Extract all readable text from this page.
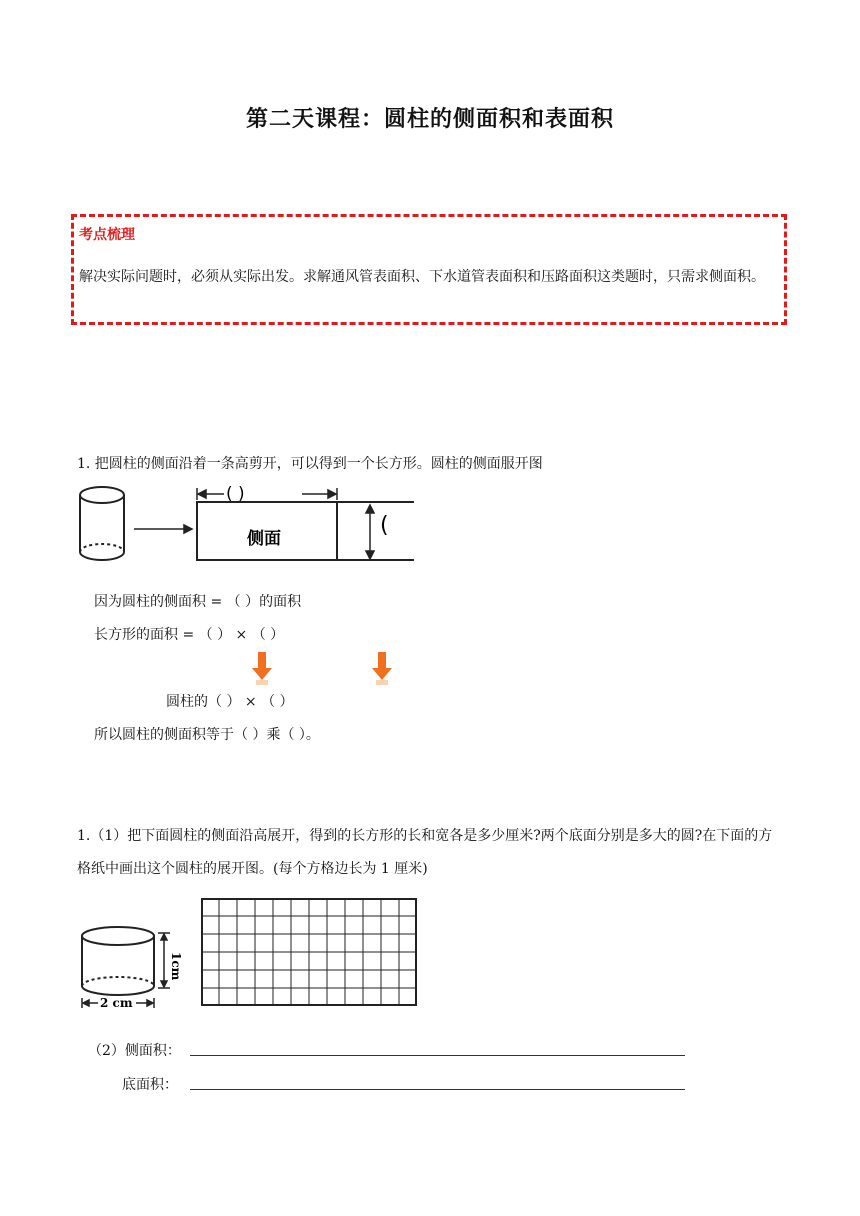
第二天课程：圆柱的侧面积和表面积
考点梳理
解决实际问题时，必须从实际出发。求解通风管表面积、下水道管表面积和压路面积这类题时，只需求侧面积。
1. 把圆柱的侧面沿着一条高剪开，可以得到一个长方形。圆柱的侧面服开图
( )
(
侧面
因为圆柱的侧面积 = （ ）的面积
长方形的面积 = （ ） × （ ）
圆柱的（ ） × （ ）
所以圆柱的侧面积等于（ ）乘（ ）。
1.（1）把下面圆柱的侧面沿高展开，得到的长方形的长和宽各是多少厘米?两个底面分别是多大的圆?在下面的方格纸中画出这个圆柱的展开图。(每个方格边长为 1 厘米)
1cm
2 cm
（2）侧面积：
底面积：
